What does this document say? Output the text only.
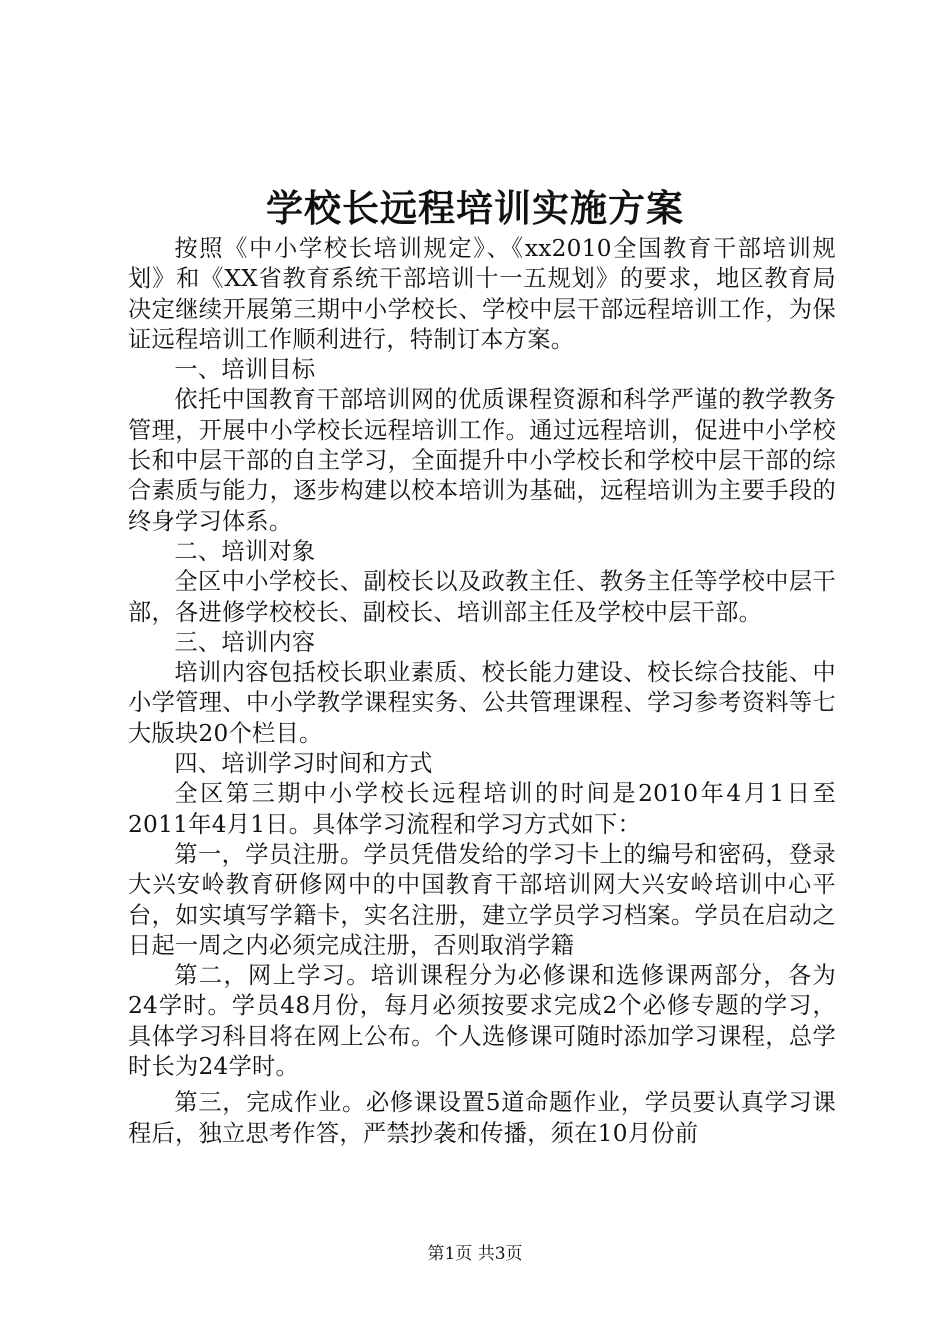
学校长远程培训实施方案

按照《中小学校长培训规定》、《xx2010全国教育干部培训规划》和《XX省教育系统干部培训十一五规划》的要求，地区教育局决定继续开展第三期中小学校长、学校中层干部远程培训工作，为保证远程培训工作顺利进行，特制订本方案。

一、培训目标

依托中国教育干部培训网的优质课程资源和科学严谨的教学教务管理，开展中小学校长远程培训工作。通过远程培训，促进中小学校长和中层干部的自主学习，全面提升中小学校长和学校中层干部的综合素质与能力，逐步构建以校本培训为基础，远程培训为主要手段的终身学习体系。

二、培训对象

全区中小学校长、副校长以及政教主任、教务主任等学校中层干部，各进修学校校长、副校长、培训部主任及学校中层干部。

三、培训内容

培训内容包括校长职业素质、校长能力建设、校长综合技能、中小学管理、中小学教学课程实务、公共管理课程、学习参考资料等七大版块20个栏目。

四、培训学习时间和方式

全区第三期中小学校长远程培训的时间是2010年4月1日至2011年4月1日。具体学习流程和学习方式如下：

第一，学员注册。学员凭借发给的学习卡上的编号和密码，登录大兴安岭教育研修网中的中国教育干部培训网大兴安岭培训中心平台，如实填写学籍卡，实名注册，建立学员学习档案。学员在启动之日起一周之内必须完成注册，否则取消学籍

第二，网上学习。培训课程分为必修课和选修课两部分，各为24学时。学员48月份，每月必须按要求完成2个必修专题的学习，具体学习科目将在网上公布。个人选修课可随时添加学习课程，总学时长为24学时。

第三，完成作业。必修课设置5道命题作业，学员要认真学习课程后，独立思考作答，严禁抄袭和传播，须在10月份前

第1页 共3页
